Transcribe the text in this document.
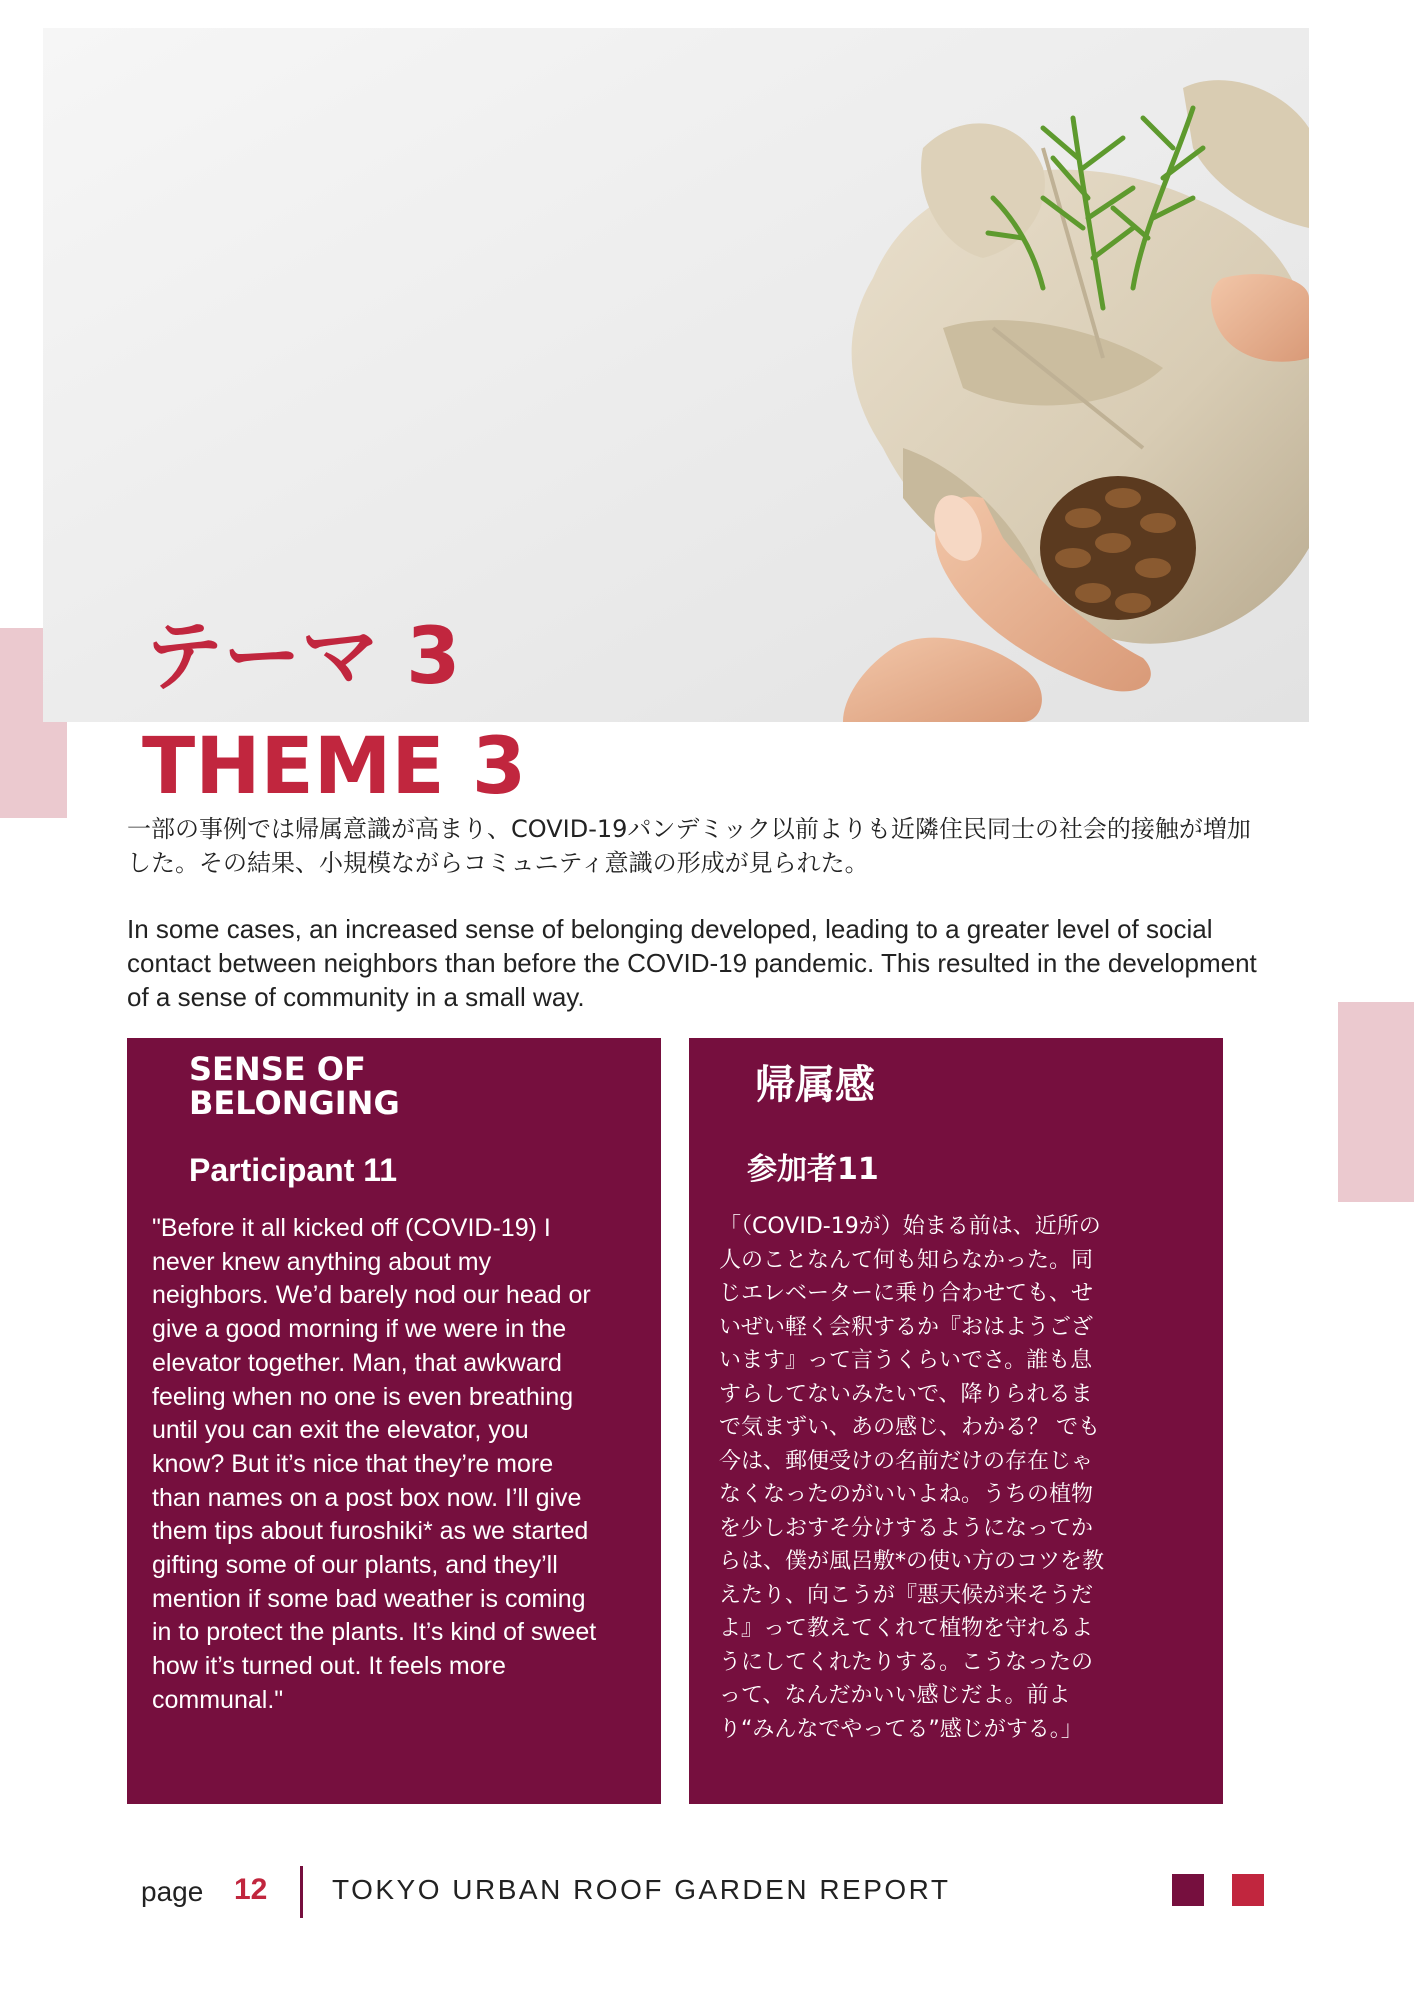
テーマ 3
THEME 3

一部の事例では帰属意識が高まり、COVID-19パンデミック以前よりも近隣住民同士の社会的接触が増加した。その結果、小規模ながらコミュニティ意識の形成が見られた。

In some cases, an increased sense of belonging developed, leading to a greater level of social contact between neighbors than before the COVID-19 pandemic. This resulted in the development of a sense of community in a small way.

SENSE OF BELONGING
Participant 11

"Before it all kicked off (COVID-19) I never knew anything about my neighbors. We’d barely nod our head or give a good morning if we were in the elevator together. Man, that awkward feeling when no one is even breathing until you can exit the elevator, you know? But it’s nice that they’re more than names on a post box now. I’ll give them tips about furoshiki* as we started gifting some of our plants, and they’ll mention if some bad weather is coming in to protect the plants. It’s kind of sweet how it’s turned out. It feels more communal."

帰属感
参加者11

「（COVID-19が）始まる前は、近所の人のことなんて何も知らなかった。同じエレベーターに乗り合わせても、せいぜい軽く会釈するか『おはようございます』って言うくらいでさ。誰も息すらしてないみたいで、降りられるまで気まずい、あの感じ、わかる？ でも今は、郵便受けの名前だけの存在じゃなくなったのがいいよね。うちの植物を少しおすそ分けするようになってからは、僕が風呂敷*の使い方のコツを教えたり、向こうが『悪天候が来そうだよ』って教えてくれて植物を守れるようにしてくれたりする。こうなったのって、なんだかいい感じだよ。前より“みんなでやってる”感じがする。」

page 12 TOKYO URBAN ROOF GARDEN REPORT
